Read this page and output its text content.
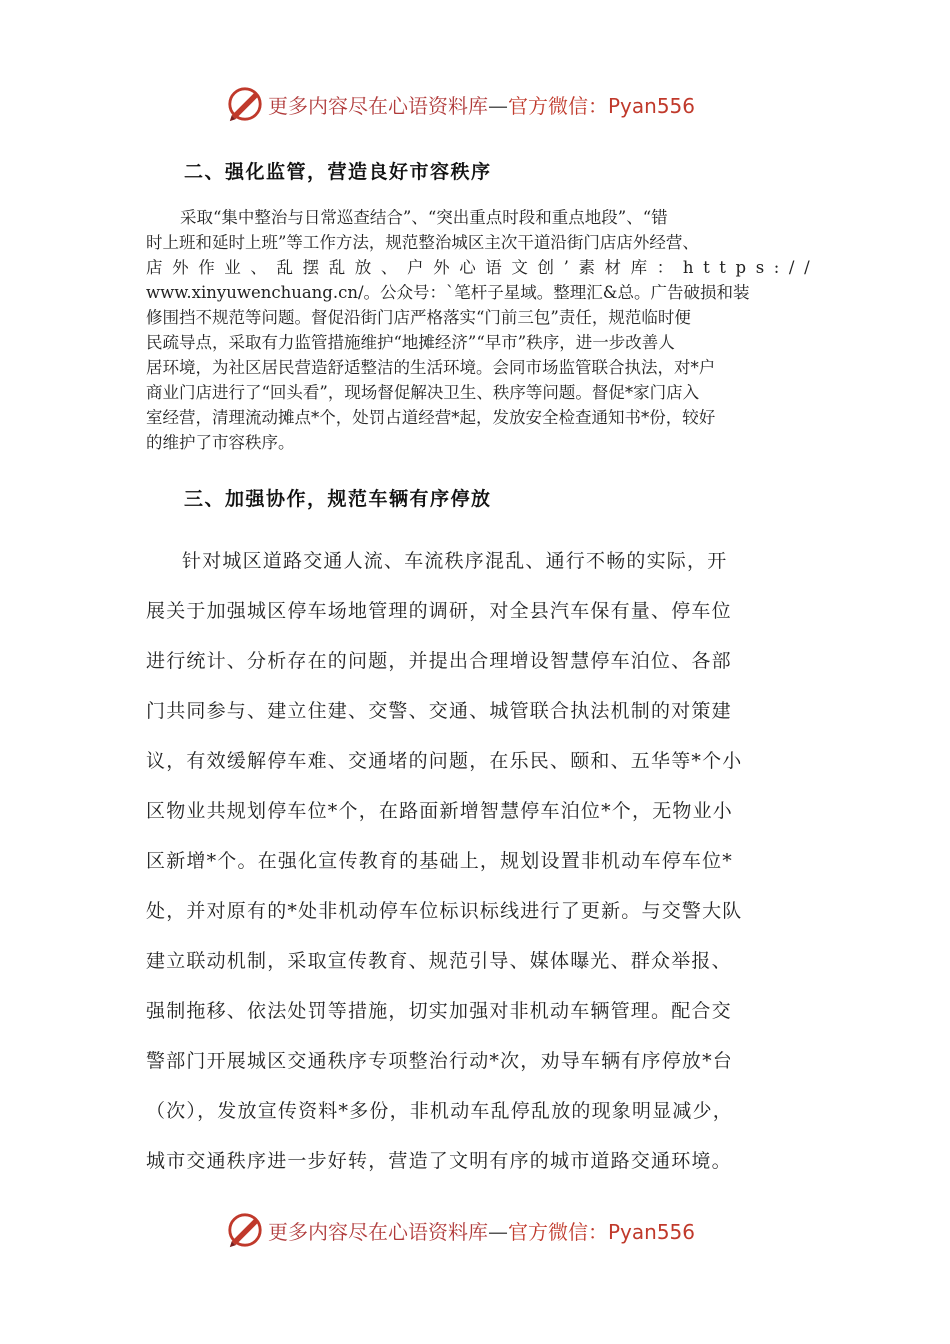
更多内容尽在心语资料库—官方微信：Pyan556
二、强化监管，营造良好市容秩序
采取“集中整治与日常巡查结合”、“突出重点时段和重点地段”、“错
时上班和延时上班”等工作方法，规范整治城区主次干道沿街门店店外经营、
店外作业、乱摆乱放、户外心语文创’素材库：https://
www.xinyuwenchuang.cn/。公众号：`笔杆子星域。整理汇&总。广告破损和装
修围挡不规范等问题。督促沿街门店严格落实“门前三包”责任，规范临时便
民疏导点，采取有力监管措施维护“地摊经济”“早市”秩序，进一步改善人
居环境，为社区居民营造舒适整洁的生活环境。会同市场监管联合执法，对*户
商业门店进行了“回头看”，现场督促解决卫生、秩序等问题。督促*家门店入
室经营，清理流动摊点*个，处罚占道经营*起，发放安全检查通知书*份，较好
的维护了市容秩序。
三、加强协作，规范车辆有序停放
针对城区道路交通人流、车流秩序混乱、通行不畅的实际，开
展关于加强城区停车场地管理的调研，对全县汽车保有量、停车位
进行统计、分析存在的问题，并提出合理增设智慧停车泊位、各部
门共同参与、建立住建、交警、交通、城管联合执法机制的对策建
议，有效缓解停车难、交通堵的问题，在乐民、颐和、五华等*个小
区物业共规划停车位*个，在路面新增智慧停车泊位*个，无物业小
区新增*个。在强化宣传教育的基础上，规划设置非机动车停车位*
处，并对原有的*处非机动停车位标识标线进行了更新。与交警大队
建立联动机制，采取宣传教育、规范引导、媒体曝光、群众举报、
强制拖移、依法处罚等措施，切实加强对非机动车辆管理。配合交
警部门开展城区交通秩序专项整治行动*次，劝导车辆有序停放*台
（次），发放宣传资料*多份，非机动车乱停乱放的现象明显减少，
城市交通秩序进一步好转，营造了文明有序的城市道路交通环境。
更多内容尽在心语资料库—官方微信：Pyan556
